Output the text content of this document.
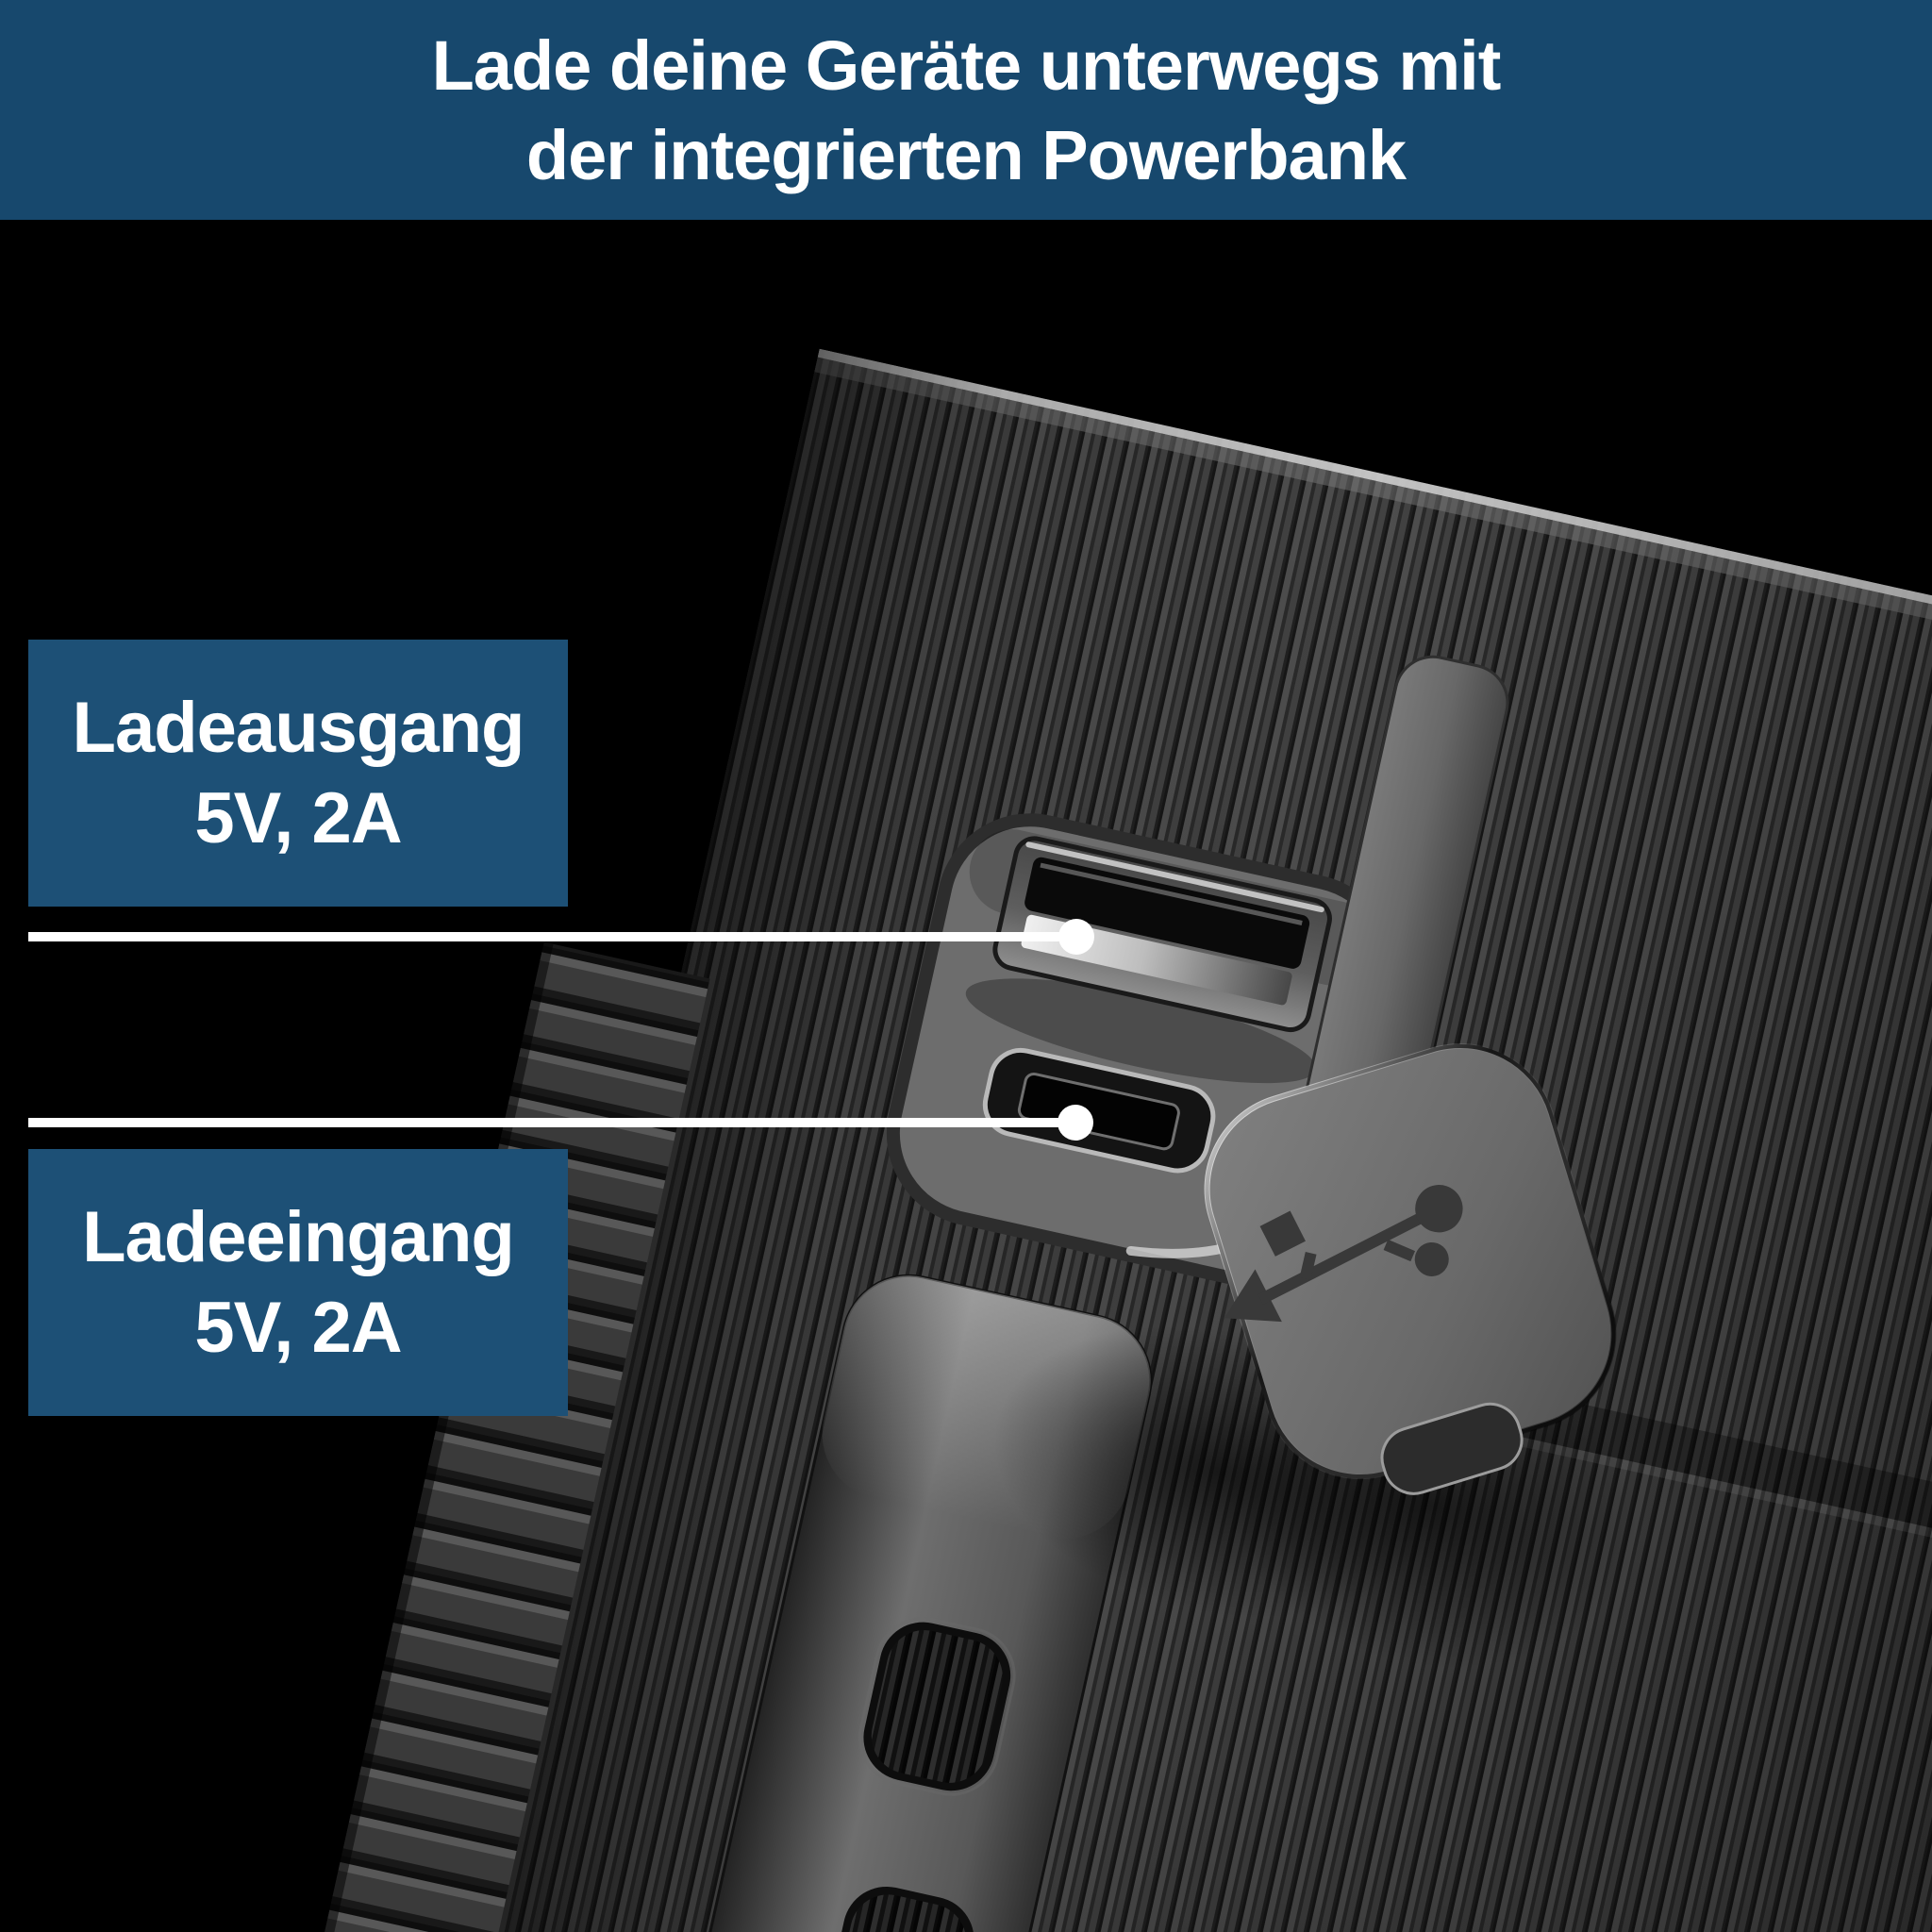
Lade deine Geräte unterwegs mit
der integrierten Powerbank
Ladeausgang
5V, 2A
Ladeeingang
5V, 2A
